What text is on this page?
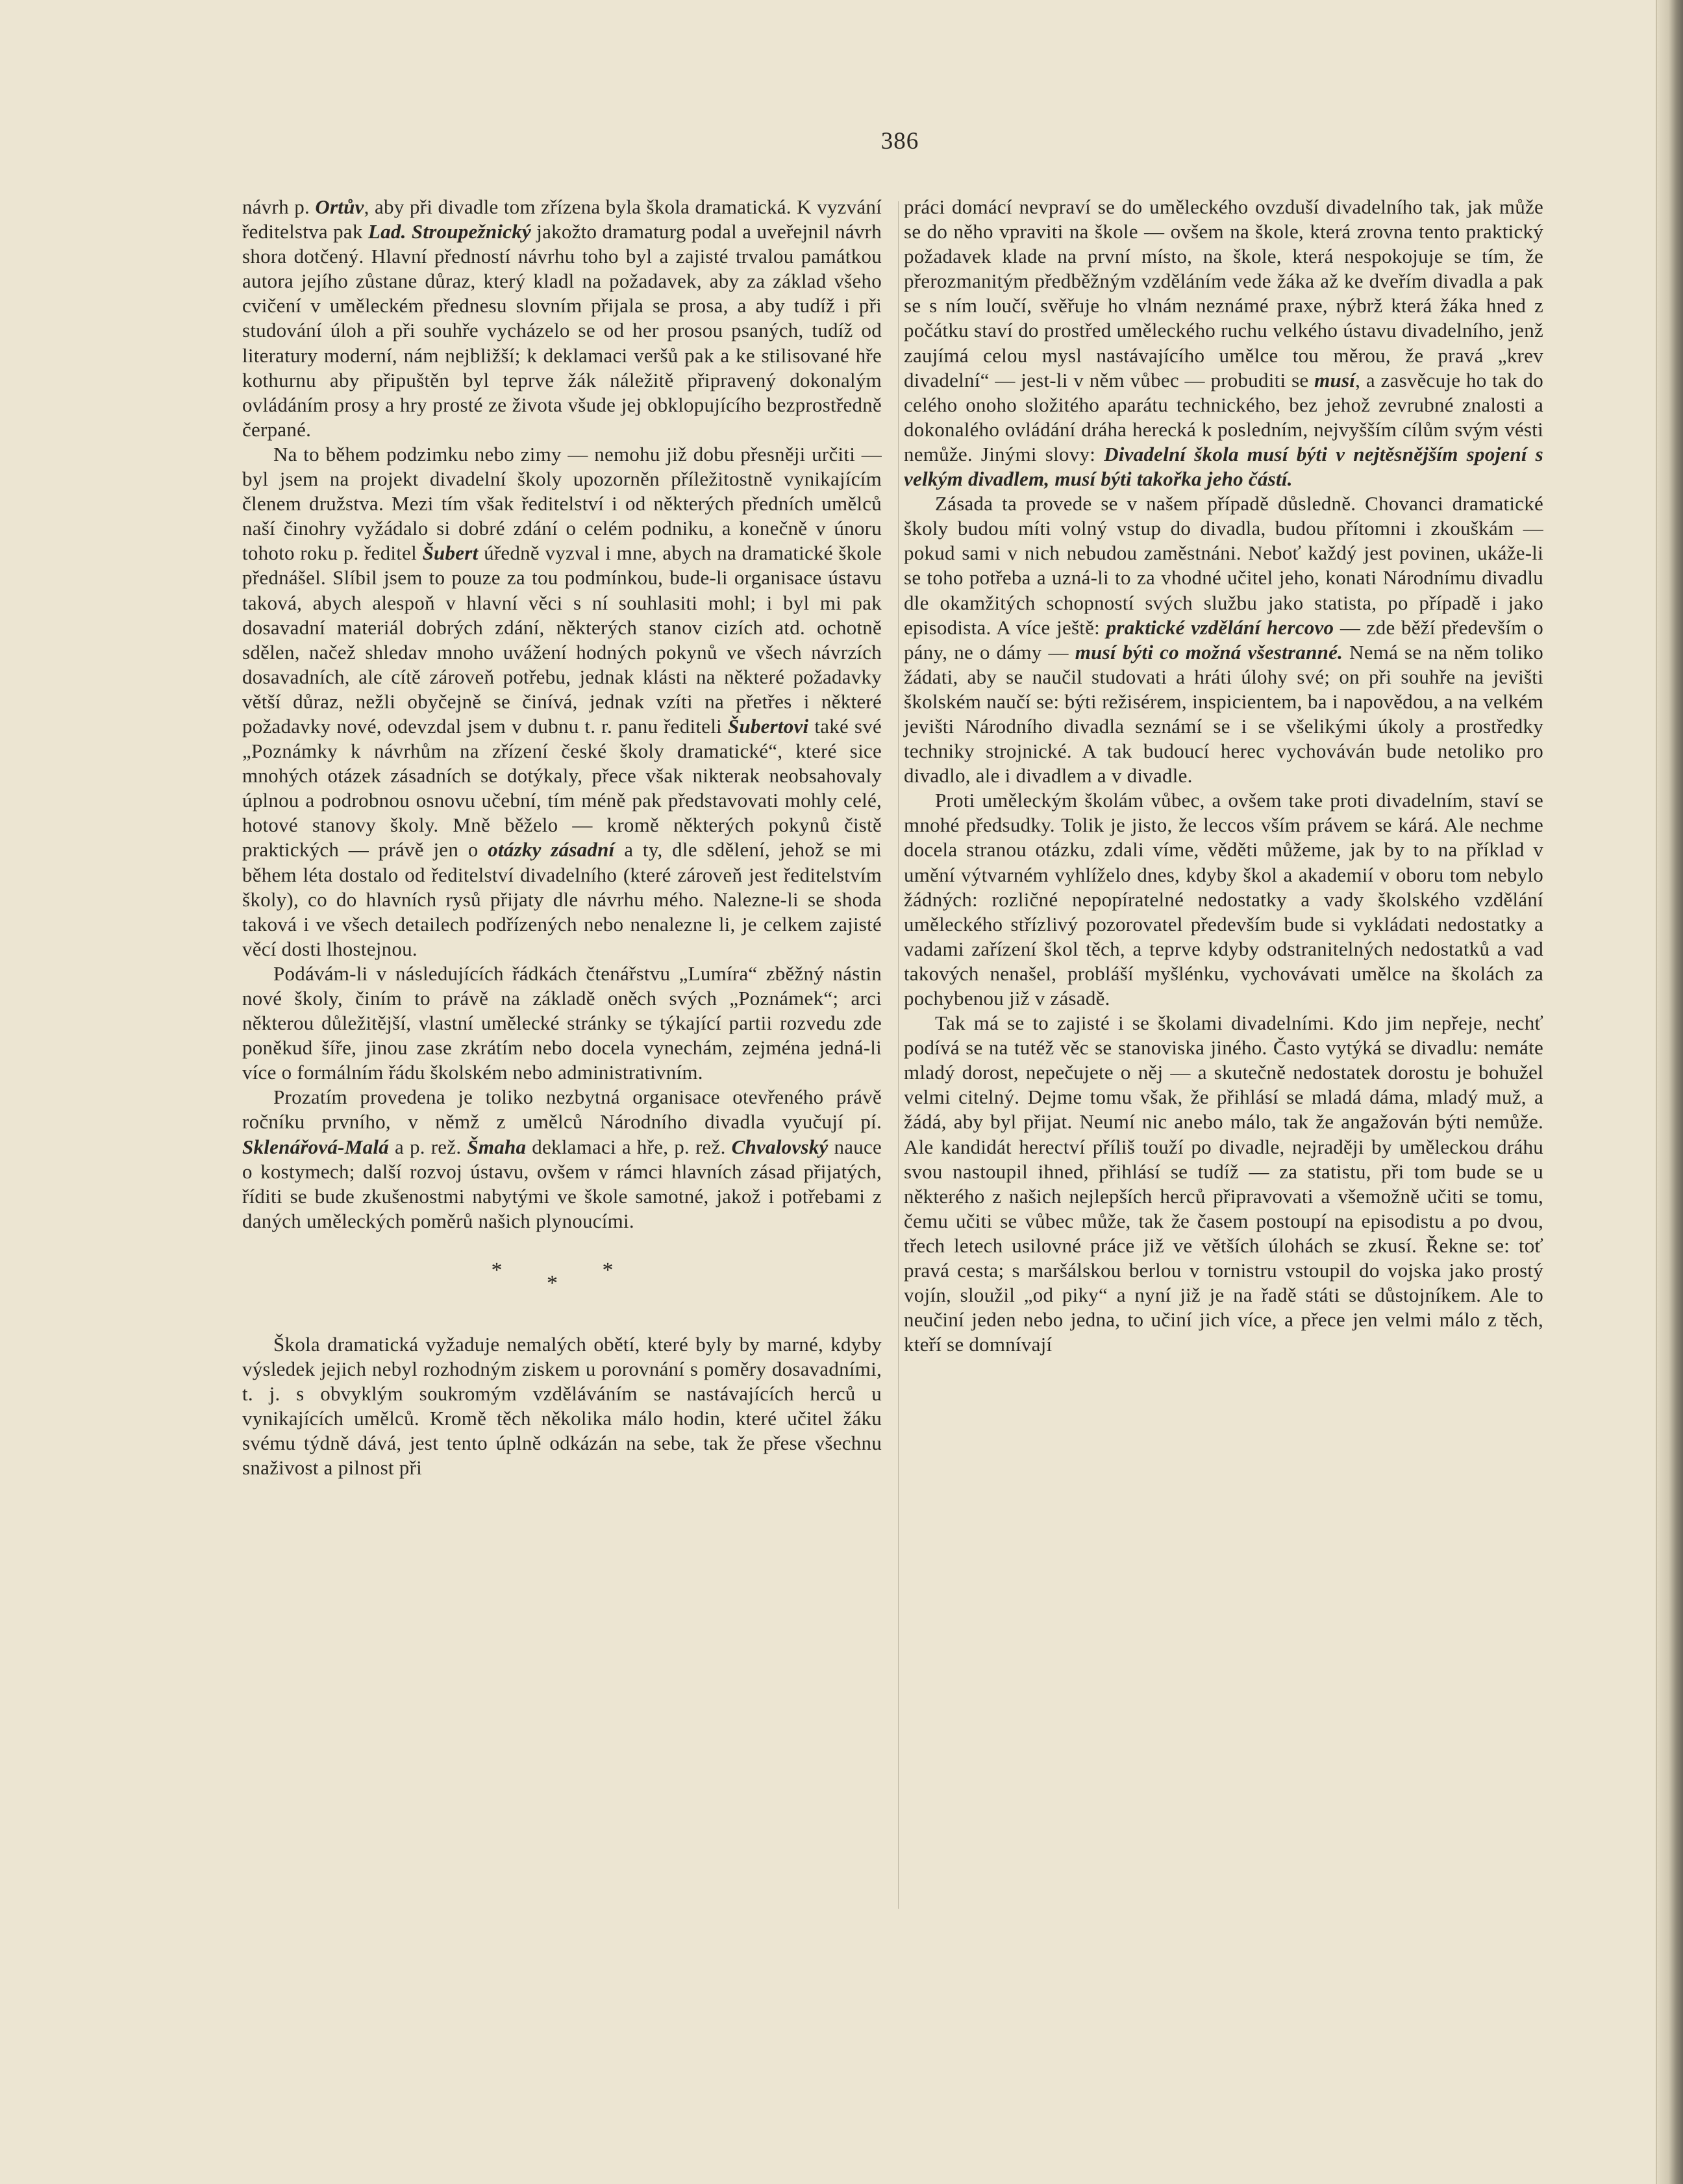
386

návrh p. Ortův, aby při divadle tom zřízena byla škola dramatická. K vyzvání ředitelstva pak Lad. Stroupežnický jakožto dramaturg podal a uveřejnil návrh shora dotčený. Hlavní předností návrhu toho byl a zajisté trvalou památkou autora jejího zůstane důraz, který kladl na požadavek, aby za základ všeho cvičení v uměleckém přednesu slovním přijala se prosa, a aby tudíž i při studování úloh a při souhře vycházelo se od her prosou psaných, tudíž od literatury moderní, nám nejbližší; k deklamaci veršů pak a ke stilisované hře kothurnu aby připuštěn byl teprve žák náležitě připravený dokonalým ovládáním prosy a hry prosté ze života všude jej obklopujícího bezprostředně čerpané.

Na to během podzimku nebo zimy — nemohu již dobu přesněji určiti — byl jsem na projekt divadelní školy upozorněn příležitostně vynikajícím členem družstva. Mezi tím však ředitelství i od některých předních umělců naší činohry vyžádalo si dobré zdání o celém podniku, a konečně v únoru tohoto roku p. ředitel Šubert úředně vyzval i mne, abych na dramatické škole přednášel. Slíbil jsem to pouze za tou podmínkou, bude-li organisace ústavu taková, abych alespoň v hlavní věci s ní souhlasiti mohl; i byl mi pak dosavadní materiál dobrých zdání, některých stanov cizích atd. ochotně sdělen, načež shledav mnoho uvážení hodných pokynů ve všech návrzích dosavadních, ale cítě zároveň potřebu, jednak klásti na některé požadavky větší důraz, nežli obyčejně se činívá, jednak vzíti na přetřes i některé požadavky nové, odevzdal jsem v dubnu t. r. panu řediteli Šubertovi také své „Poznámky k návrhům na zřízení české školy dramatické“, které sice mnohých otázek zásadních se dotýkaly, přece však nikterak neobsahovaly úplnou a podrobnou osnovu učební, tím méně pak představovati mohly celé, hotové stanovy školy. Mně běželo — kromě některých pokynů čistě praktických — právě jen o otázky zásadní a ty, dle sdělení, jehož se mi během léta dostalo od ředitelství divadelního (které zároveň jest ředitelstvím školy), co do hlavních rysů přijaty dle návrhu mého. Nalezne-li se shoda taková i ve všech detailech podřízených nebo nenalezne li, je celkem zajisté věcí dosti lhostejnou.

Podávám-li v následujících řádkách čtenářstvu „Lumíra“ zběžný nástin nové školy, činím to právě na základě oněch svých „Poznámek“; arci některou důležitější, vlastní umělecké stránky se týkající partii rozvedu zde poněkud šíře, jinou zase zkrátím nebo docela vynechám, zejména jedná-li více o formálním řádu školském nebo administrativním.

Prozatím provedena je toliko nezbytná organisace otevřeného právě ročníku prvního, v němž z umělců Národního divadla vyučují pí. Sklenářová-Malá a p. rež. Šmaha deklamaci a hře, p. rež. Chvalovský nauce o kostymech; další rozvoj ústavu, ovšem v rámci hlavních zásad přijatých, říditi se bude zkušenostmi nabytými ve škole samotné, jakož i potřebami z daných uměleckých poměrů našich plynoucími.

* * *

Škola dramatická vyžaduje nemalých obětí, které byly by marné, kdyby výsledek jejich nebyl rozhodným ziskem u porovnání s poměry dosavadními, t. j. s obvyklým soukromým vzděláváním se nastávajících herců u vynikajících umělců. Kromě těch několika málo hodin, které učitel žáku svému týdně dává, jest tento úplně odkázán na sebe, tak že přese všechnu snaživost a pilnost při

práci domácí nevpraví se do uměleckého ovzduší divadelního tak, jak může se do něho vpraviti na škole — ovšem na škole, která zrovna tento praktický požadavek klade na první místo, na škole, která nespokojuje se tím, že přerozmanitým předběžným vzděláním vede žáka až ke dveřím divadla a pak se s ním loučí, svěřuje ho vlnám neznámé praxe, nýbrž která žáka hned z počátku staví do prostřed uměleckého ruchu velkého ústavu divadelního, jenž zaujímá celou mysl nastávajícího umělce tou měrou, že pravá „krev divadelní“ — jest-li v něm vůbec — probuditi se musí, a zasvěcuje ho tak do celého onoho složitého aparátu technického, bez jehož zevrubné znalosti a dokonalého ovládání dráha herecká k posledním, nejvyšším cílům svým vésti nemůže. Jinými slovy: Divadelní škola musí býti v nejtěsnějším spojení s velkým divadlem, musí býti takořka jeho částí.

Zásada ta provede se v našem případě důsledně. Chovanci dramatické školy budou míti volný vstup do divadla, budou přítomni i zkouškám — pokud sami v nich nebudou zaměstnáni. Neboť každý jest povinen, ukáže-li se toho potřeba a uzná-li to za vhodné učitel jeho, konati Národnímu divadlu dle okamžitých schopností svých službu jako statista, po případě i jako episodista. A více ještě: praktické vzdělání hercovo — zde běží především o pány, ne o dámy — musí býti co možná všestranné. Nemá se na něm toliko žádati, aby se naučil studovati a hráti úlohy své; on při souhře na jevišti školském naučí se: býti režisérem, inspicientem, ba i napovědou, a na velkém jevišti Národního divadla seznámí se i se všelikými úkoly a prostředky techniky strojnické. A tak budoucí herec vychováván bude netoliko pro divadlo, ale i divadlem a v divadle.

Proti uměleckým školám vůbec, a ovšem take proti divadelním, staví se mnohé předsudky. Tolik je jisto, že leccos vším právem se kárá. Ale nechme docela stranou otázku, zdali víme, věděti můžeme, jak by to na příklad v umění výtvarném vyhlíželo dnes, kdyby škol a akademií v oboru tom nebylo žádných: rozličné nepopíratelné nedostatky a vady školského vzdělání uměleckého střízlivý pozorovatel především bude si vykládati nedostatky a vadami zařízení škol těch, a teprve kdyby odstranitelných nedostatků a vad takových nenašel, probláší myšlénku, vychovávati umělce na školách za pochybenou již v zásadě.

Tak má se to zajisté i se školami divadelními. Kdo jim nepřeje, nechť podívá se na tutéž věc se stanoviska jiného. Často vytýká se divadlu: nemáte mladý dorost, nepečujete o něj — a skutečně nedostatek dorostu je bohužel velmi citelný. Dejme tomu však, že přihlásí se mladá dáma, mladý muž, a žádá, aby byl přijat. Neumí nic anebo málo, tak že angažován býti nemůže. Ale kandidát herectví příliš touží po divadle, nejraději by uměleckou dráhu svou nastoupil ihned, přihlásí se tudíž — za statistu, při tom bude se u některého z našich nejlepších herců připravovati a všemožně učiti se tomu, čemu učiti se vůbec může, tak že časem postoupí na episodistu a po dvou, třech letech usilovné práce již ve větších úlohách se zkusí. Řekne se: toť pravá cesta; s maršálskou berlou v tornistru vstoupil do vojska jako prostý vojín, sloužil „od piky“ a nyní již je na řadě státi se důstojníkem. Ale to neučiní jeden nebo jedna, to učiní jich více, a přece jen velmi málo z těch, kteří se domnívají
